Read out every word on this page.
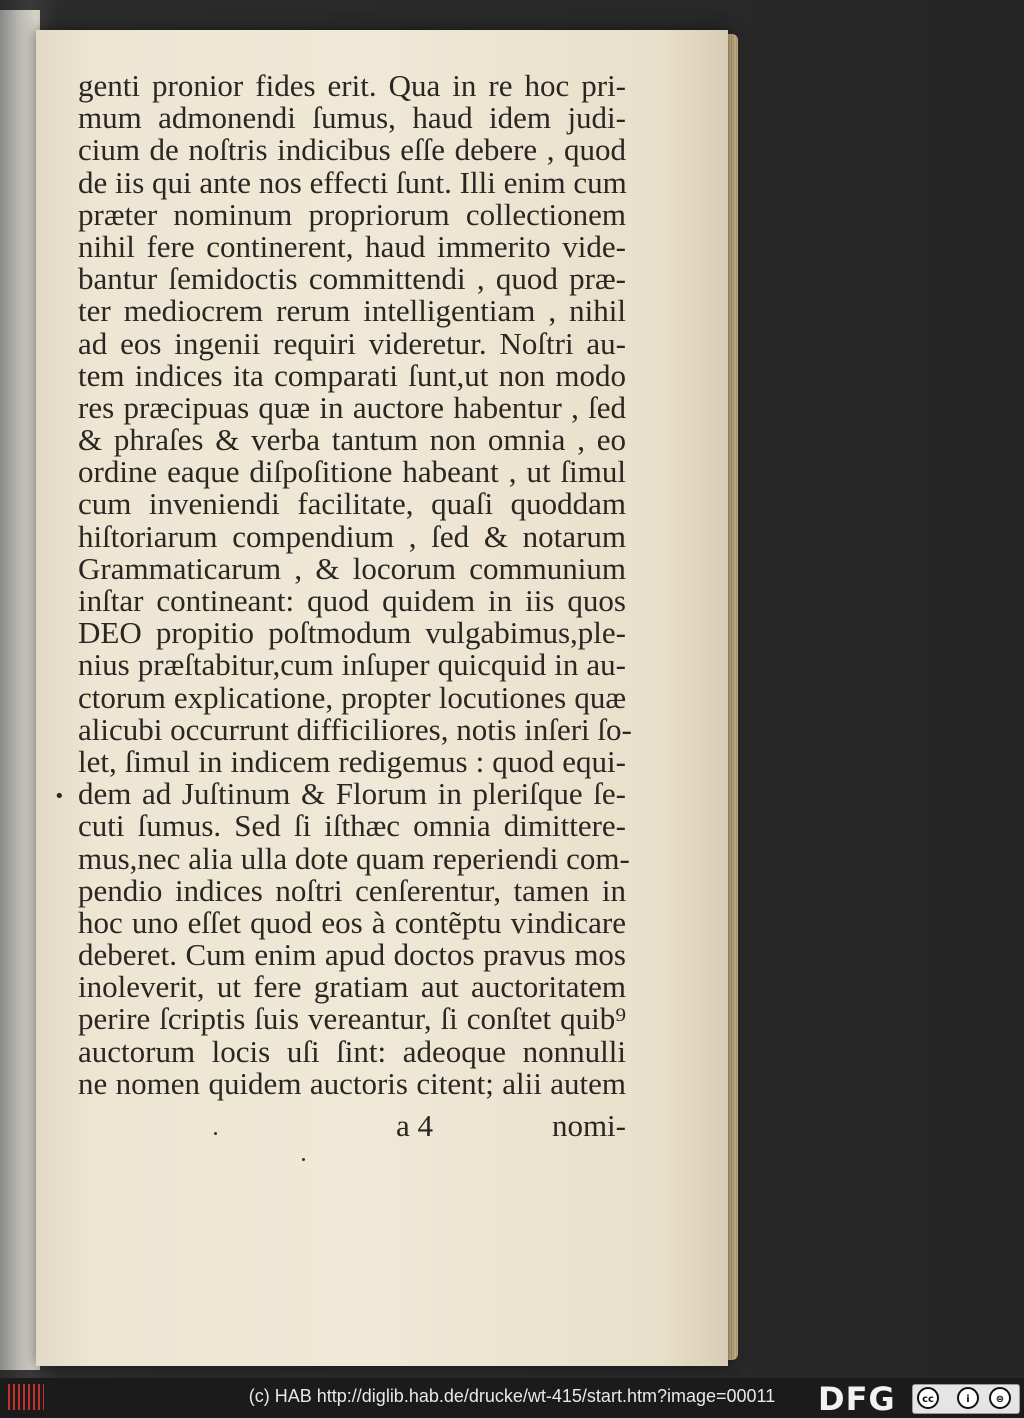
•
genti pronior fides erit. Qua in re hoc pri-
mum admonendi ſumus, haud idem judi-
cium de noſtris indicibus eſſe debere , quod
de iis qui ante nos effecti ſunt. Illi enim cum
præter nominum propriorum collectionem
nihil fere continerent, haud immerito vide-
bantur ſemidoctis committendi , quod præ-
ter mediocrem rerum intelligentiam , nihil
ad eos ingenii requiri videretur. Noſtri au-
tem indices ita comparati ſunt,ut non modo
res præcipuas quæ in auctore habentur , ſed
& phraſes & verba tantum non omnia , eo
ordine eaque diſpoſitione habeant , ut ſimul
cum inveniendi facilitate, quaſi quoddam
hiſtoriarum compendium , ſed & notarum
Grammaticarum , & locorum communium
inſtar contineant: quod quidem in iis quos
DEO propitio poſtmodum vulgabimus,ple-
nius præſtabitur,cum inſuper quicquid in au-
ctorum explicatione, propter locutiones quæ
alicubi occurrunt difficiliores, notis inſeri ſo-
let, ſimul in indicem redigemus : quod equi-
dem ad Juſtinum & Florum in pleriſque ſe-
cuti ſumus. Sed ſi iſthæc omnia dimittere-
mus,nec alia ulla dote quam reperiendi com-
pendio indices noſtri cenſerentur, tamen in
hoc uno eſſet quod eos à contẽptu vindicare
deberet. Cum enim apud doctos pravus mos
inoleverit, ut fere gratiam aut auctoritatem
perire ſcriptis ſuis vereantur, ſi conſtet quib⁹
auctorum locis uſi ſint: adeoque nonnulli
ne nomen quidem auctoris citent; alii autem
a 4	nomi-
(c) HAB http://diglib.hab.de/drucke/wt-415/start.htm?image=00011	DFG	cc	i	⊜
